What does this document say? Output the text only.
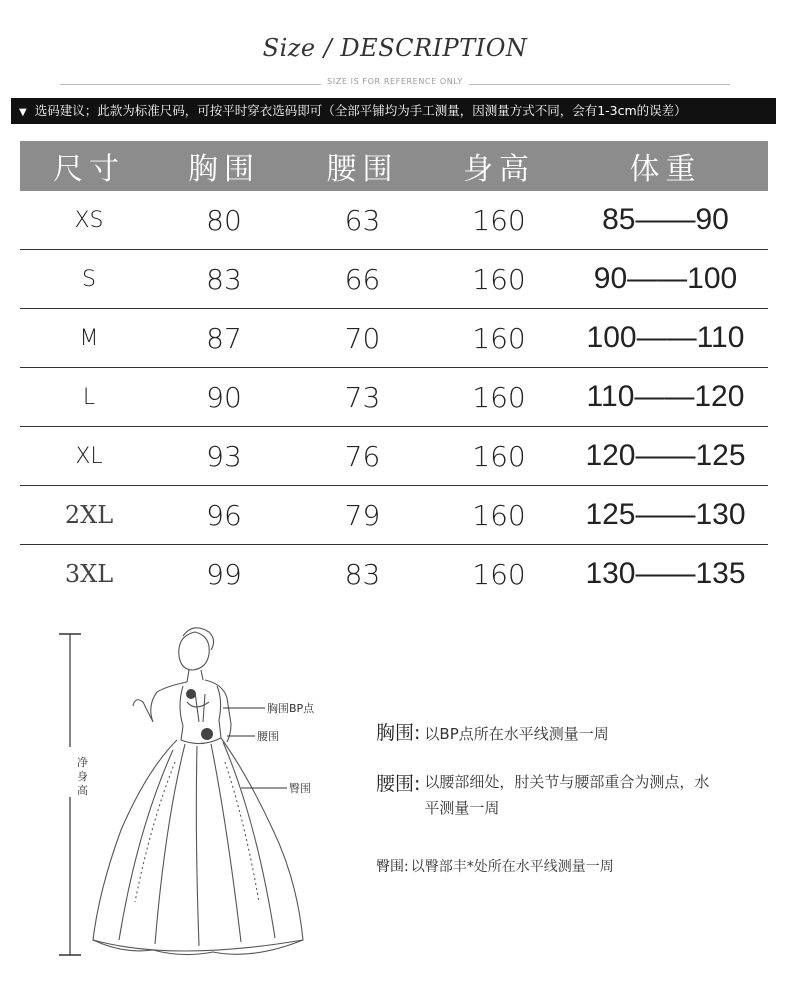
Size / DESCRIPTION
SIZE IS FOR REFERENCE ONLY
▼ 选码建议；此款为标准尺码，可按平时穿衣选码即可（全部平铺均为手工测量，因测量方式不同，会有1-3cm的误差）
尺寸	胸围	腰围	身高	体重
XS	80	63	160	85——90
S	83	66	160	90——100
M	87	70	160	100——110
L	90	73	160	110——120
XL	93	76	160	120——125
2XL	96	79	160	125——130
3XL	99	83	160	130——135
净
身
高
胸围BP点
腰围
臀围
胸围: 以BP点所在水平线测量一周
腰围: 以腰部细处，肘关节与腰部重合为测点，水平测量一周
臀围: 以臀部丰*处所在水平线测量一周
